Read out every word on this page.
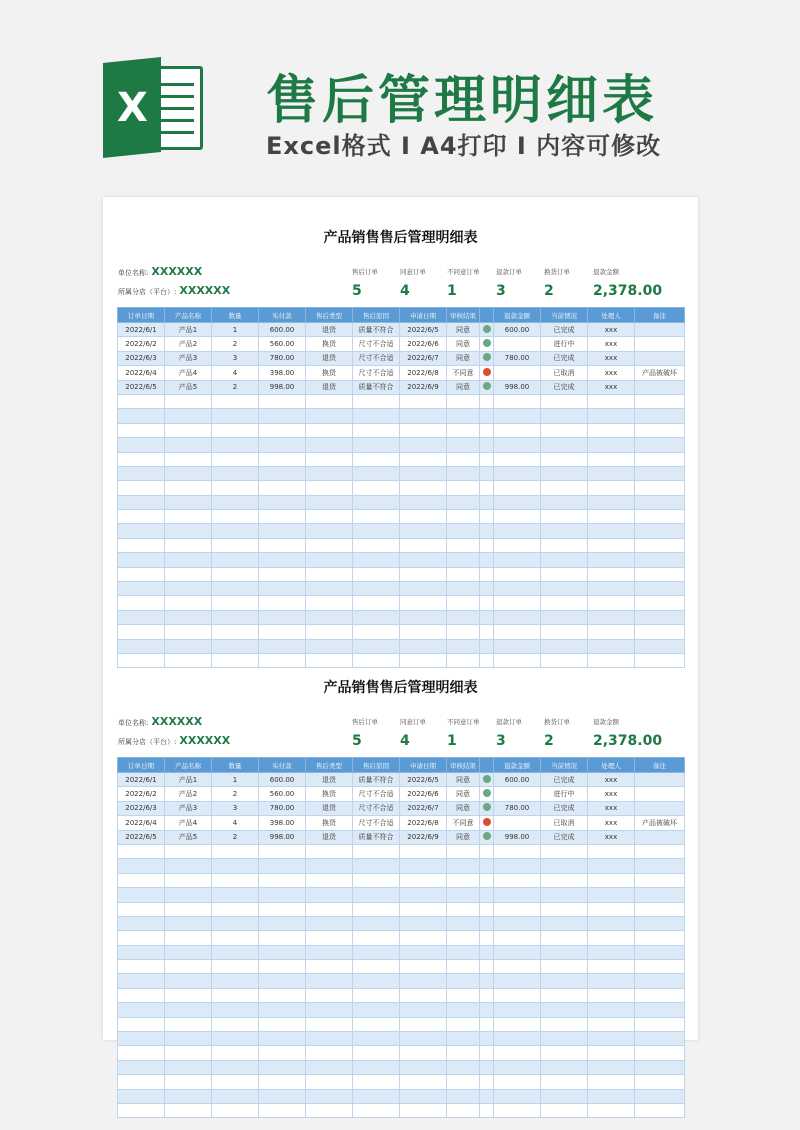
X 售后管理明细表
Excel格式 I A4打印 I 内容可修改
产品销售售后管理明细表
单位名称: XXXXXX
所属分店（平台）: XXXXXX
售后订单
5
同意订单
4
不同意订单
1
退款订单
3
换货订单
2
退款金额
2,378.00
订单日期	产品名称	数量	实付款	售后类型	售后原因	申请日期	审核结果		退款金额	当前情况	处理人	备注
2022/6/1	产品1	1	600.00	退货	质量不符合	2022/6/5	同意		600.00	已完成	xxx	
2022/6/2	产品2	2	560.00	换货	尺寸不合适	2022/6/6	同意			进行中	xxx	
2022/6/3	产品3	3	780.00	退货	尺寸不合适	2022/6/7	同意		780.00	已完成	xxx	
2022/6/4	产品4	4	398.00	换货	尺寸不合适	2022/6/8	不同意			已取消	xxx	产品被破坏
2022/6/5	产品5	2	998.00	退货	质量不符合	2022/6/9	同意		998.00	已完成	xxx	

产品销售售后管理明细表
单位名称: XXXXXX
所属分店（平台）: XXXXXX
售后订单
5
同意订单
4
不同意订单
1
退款订单
3
换货订单
2
退款金额
2,378.00
订单日期	产品名称	数量	实付款	售后类型	售后原因	申请日期	审核结果		退款金额	当前情况	处理人	备注
2022/6/1	产品1	1	600.00	退货	质量不符合	2022/6/5	同意		600.00	已完成	xxx	
2022/6/2	产品2	2	560.00	换货	尺寸不合适	2022/6/6	同意			进行中	xxx	
2022/6/3	产品3	3	780.00	退货	尺寸不合适	2022/6/7	同意		780.00	已完成	xxx	
2022/6/4	产品4	4	398.00	换货	尺寸不合适	2022/6/8	不同意			已取消	xxx	产品被破坏
2022/6/5	产品5	2	998.00	退货	质量不符合	2022/6/9	同意		998.00	已完成	xxx	
